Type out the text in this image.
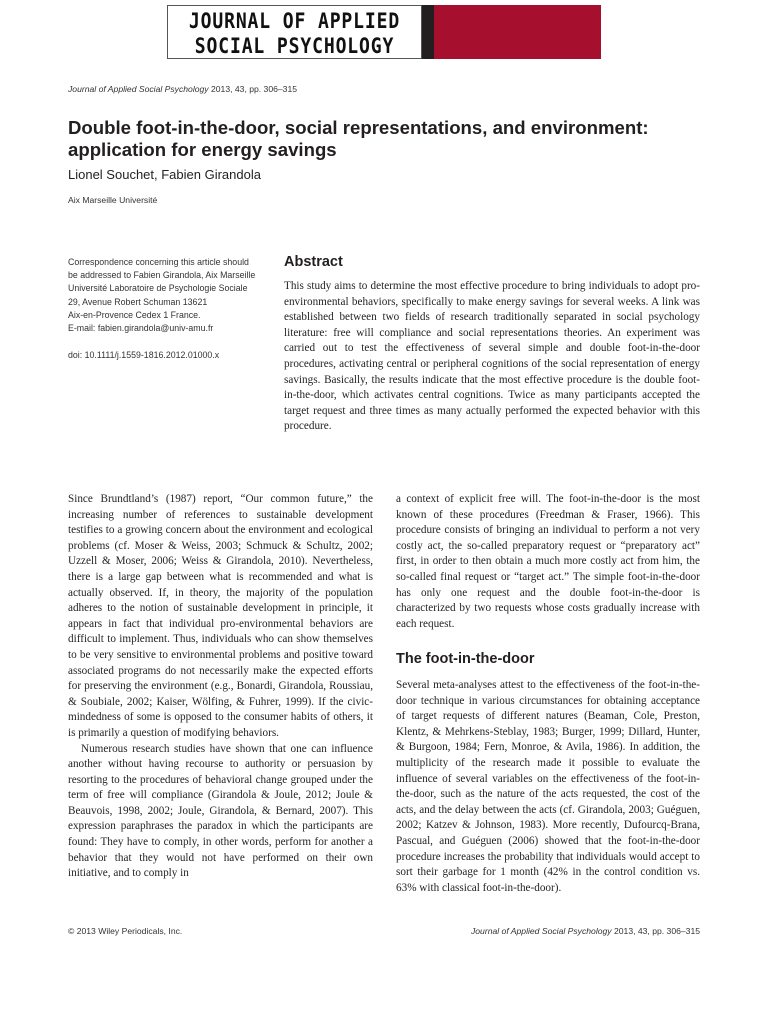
JOURNAL OF APPLIED
SOCIAL PSYCHOLOGY
Journal of Applied Social Psychology 2013, 43, pp. 306–315
Double foot-in-the-door, social representations, and environment: application for energy savings
Lionel Souchet, Fabien Girandola
Aix Marseille Université
Correspondence concerning this article should
be addressed to Fabien Girandola, Aix Marseille
Université Laboratoire de Psychologie Sociale
29, Avenue Robert Schuman 13621
Aix-en-Provence Cedex 1 France.
E-mail: fabien.girandola@univ-amu.fr
doi: 10.1111/j.1559-1816.2012.01000.x
Abstract

This study aims to determine the most effective procedure to bring individuals to adopt pro-environmental behaviors, specifically to make energy savings for several weeks. A link was established between two fields of research traditionally separated in social psychology literature: free will compliance and social representations theories. An experiment was carried out to test the effectiveness of several simple and double foot-in-the-door procedures, activating central or peripheral cognitions of the social representation of energy savings. Basically, the results indicate that the most effective procedure is the double foot-in-the-door, which activates central cognitions. Twice as many participants accepted the target request and three times as many actually performed the expected behavior with this procedure.

Since Brundtland’s (1987) report, “Our common future,” the increasing number of references to sustainable development testifies to a growing concern about the environment and ecological problems (cf. Moser & Weiss, 2003; Schmuck & Schultz, 2002; Uzzell & Moser, 2006; Weiss & Girandola, 2010). Nevertheless, there is a large gap between what is recommended and what is actually observed. If, in theory, the majority of the population adheres to the notion of sustainable development in principle, it appears in fact that individual pro-environmental behaviors are difficult to implement. Thus, individuals who can show themselves to be very sensitive to environmental problems and positive toward associated programs do not necessarily make the expected efforts for preserving the environment (e.g., Bonardi, Girandola, Roussiau, & Soubiale, 2002; Kaiser, Wölfing, & Fuhrer, 1999). If the civic-mindedness of some is opposed to the consumer habits of others, it is primarily a question of modifying behaviors.

Numerous research studies have shown that one can influence another without having recourse to authority or persuasion by resorting to the procedures of behavioral change grouped under the term of free will compliance (Girandola & Joule, 2012; Joule & Beauvois, 1998, 2002; Joule, Girandola, & Bernard, 2007). This expression paraphrases the paradox in which the participants are found: They have to comply, in other words, perform for another a behavior that they would not have performed on their own initiative, and to comply in

a context of explicit free will. The foot-in-the-door is the most known of these procedures (Freedman & Fraser, 1966). This procedure consists of bringing an individual to perform a not very costly act, the so-called preparatory request or “preparatory act” first, in order to then obtain a much more costly act from him, the so-called final request or “target act.” The simple foot-in-the-door has only one request and the double foot-in-the-door is characterized by two requests whose costs gradually increase with each request.

The foot-in-the-door

Several meta-analyses attest to the effectiveness of the foot-in-the-door technique in various circumstances for obtaining acceptance of target requests of different natures (Beaman, Cole, Preston, Klentz, & Mehrkens-Steblay, 1983; Burger, 1999; Dillard, Hunter, & Burgoon, 1984; Fern, Monroe, & Avila, 1986). In addition, the multiplicity of the research made it possible to evaluate the influence of several variables on the effectiveness of the foot-in-the-door, such as the nature of the acts requested, the cost of the acts, and the delay between the acts (cf. Girandola, 2003; Guéguen, 2002; Katzev & Johnson, 1983). More recently, Dufourcq-Brana, Pascual, and Guéguen (2006) showed that the foot-in-the-door procedure increases the probability that individuals would accept to sort their garbage for 1 month (42% in the control condition vs. 63% with classical foot-in-the-door).

© 2013 Wiley Periodicals, Inc.	Journal of Applied Social Psychology 2013, 43, pp. 306–315
